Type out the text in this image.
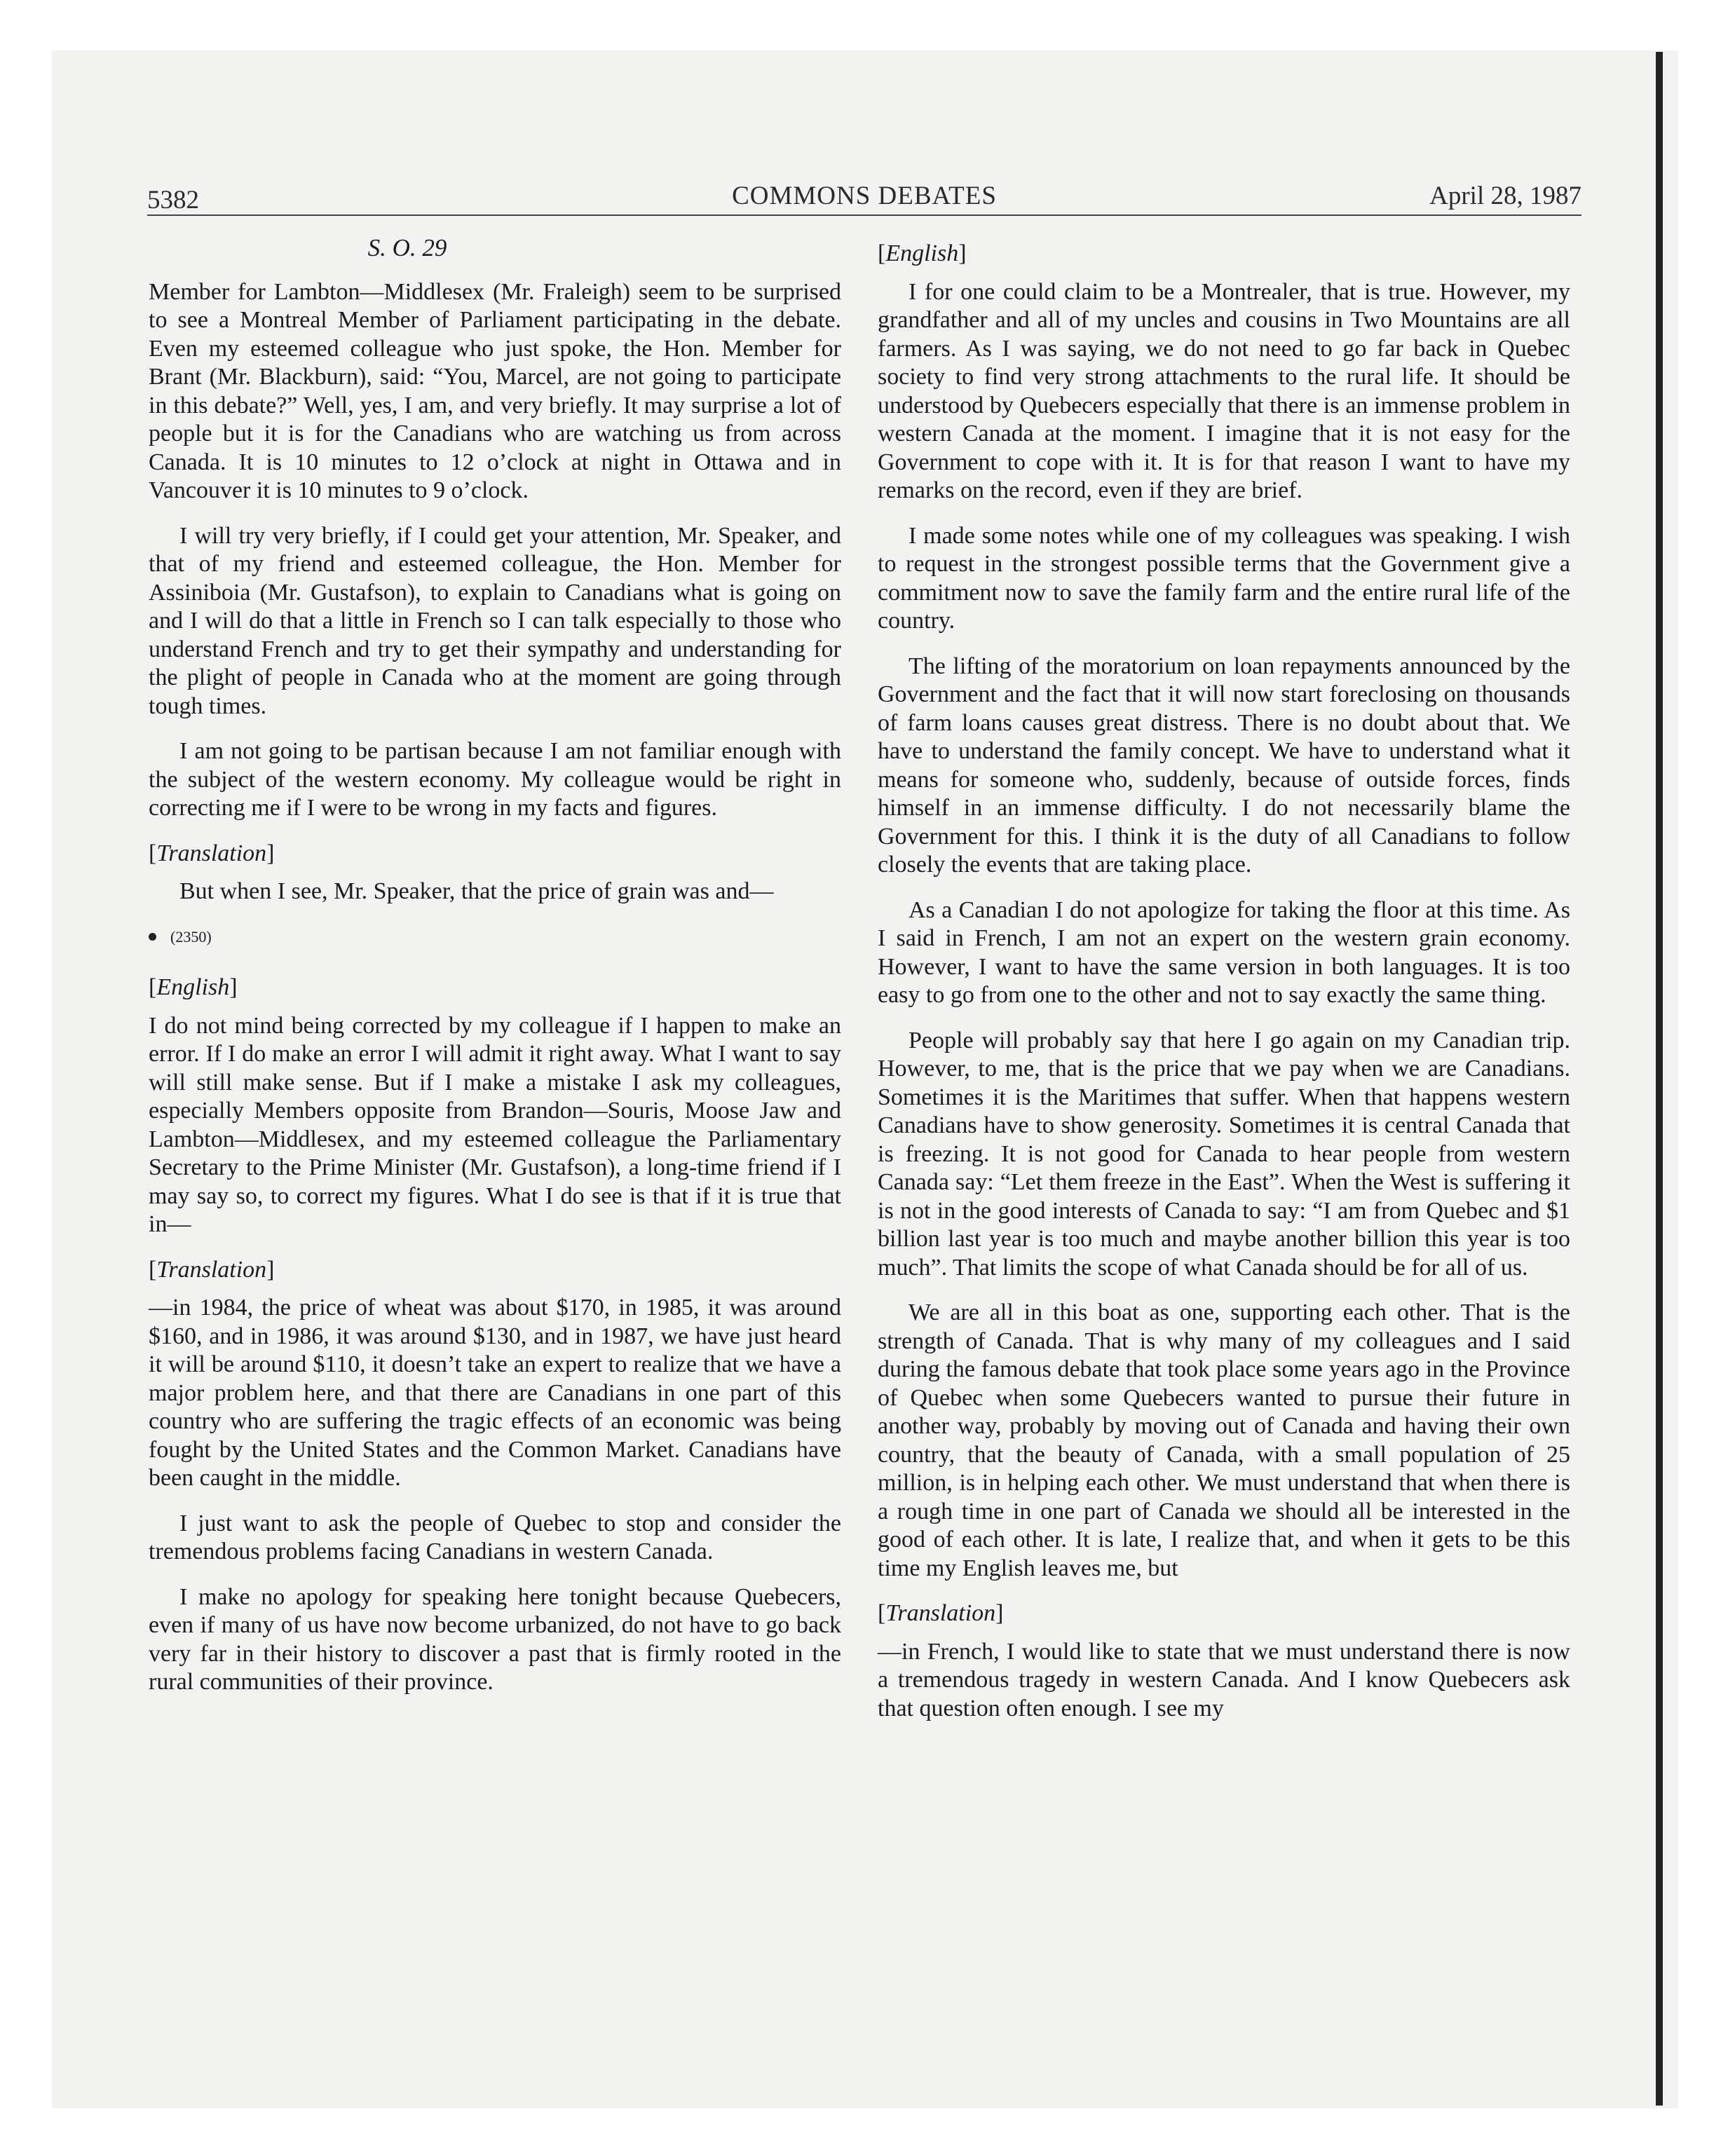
5382	COMMONS DEBATES	April 28, 1987
S. O. 29

Member for Lambton—Middlesex (Mr. Fraleigh) seem to be surprised to see a Montreal Member of Parliament participating in the debate. Even my esteemed colleague who just spoke, the Hon. Member for Brant (Mr. Blackburn), said: “You, Marcel, are not going to participate in this debate?” Well, yes, I am, and very briefly. It may surprise a lot of people but it is for the Canadians who are watching us from across Canada. It is 10 minutes to 12 o’clock at night in Ottawa and in Vancouver it is 10 minutes to 9 o’clock.

I will try very briefly, if I could get your attention, Mr. Speaker, and that of my friend and esteemed colleague, the Hon. Member for Assiniboia (Mr. Gustafson), to explain to Canadians what is going on and I will do that a little in French so I can talk especially to those who understand French and try to get their sympathy and understanding for the plight of people in Canada who at the moment are going through tough times.

I am not going to be partisan because I am not familiar enough with the subject of the western economy. My colleague would be right in correcting me if I were to be wrong in my facts and figures.

[Translation]

But when I see, Mr. Speaker, that the price of grain was and—

(2350)
[English]

I do not mind being corrected by my colleague if I happen to make an error. If I do make an error I will admit it right away. What I want to say will still make sense. But if I make a mistake I ask my colleagues, especially Members opposite from Brandon—Souris, Moose Jaw and Lambton—Middlesex, and my esteemed colleague the Parliamentary Secretary to the Prime Minister (Mr. Gustafson), a long-time friend if I may say so, to correct my figures. What I do see is that if it is true that in—

[Translation]

—in 1984, the price of wheat was about $170, in 1985, it was around $160, and in 1986, it was around $130, and in 1987, we have just heard it will be around $110, it doesn’t take an expert to realize that we have a major problem here, and that there are Canadians in one part of this country who are suffering the tragic effects of an economic was being fought by the United States and the Common Market. Canadians have been caught in the middle.

I just want to ask the people of Quebec to stop and consider the tremendous problems facing Canadians in western Canada.

I make no apology for speaking here tonight because Quebecers, even if many of us have now become urbanized, do not have to go back very far in their history to discover a past that is firmly rooted in the rural communities of their province.

[English]

I for one could claim to be a Montrealer, that is true. However, my grandfather and all of my uncles and cousins in Two Mountains are all farmers. As I was saying, we do not need to go far back in Quebec society to find very strong attachments to the rural life. It should be understood by Quebecers especially that there is an immense problem in western Canada at the moment. I imagine that it is not easy for the Government to cope with it. It is for that reason I want to have my remarks on the record, even if they are brief.

I made some notes while one of my colleagues was speaking. I wish to request in the strongest possible terms that the Government give a commitment now to save the family farm and the entire rural life of the country.

The lifting of the moratorium on loan repayments announced by the Government and the fact that it will now start foreclosing on thousands of farm loans causes great distress. There is no doubt about that. We have to understand the family concept. We have to understand what it means for someone who, suddenly, because of outside forces, finds himself in an immense difficulty. I do not necessarily blame the Government for this. I think it is the duty of all Canadians to follow closely the events that are taking place.

As a Canadian I do not apologize for taking the floor at this time. As I said in French, I am not an expert on the western grain economy. However, I want to have the same version in both languages. It is too easy to go from one to the other and not to say exactly the same thing.

People will probably say that here I go again on my Canadian trip. However, to me, that is the price that we pay when we are Canadians. Sometimes it is the Maritimes that suffer. When that happens western Canadians have to show generosity. Sometimes it is central Canada that is freezing. It is not good for Canada to hear people from western Canada say: “Let them freeze in the East”. When the West is suffering it is not in the good interests of Canada to say: “I am from Quebec and $1 billion last year is too much and maybe another billion this year is too much”. That limits the scope of what Canada should be for all of us.

We are all in this boat as one, supporting each other. That is the strength of Canada. That is why many of my colleagues and I said during the famous debate that took place some years ago in the Province of Quebec when some Quebecers wanted to pursue their future in another way, probably by moving out of Canada and having their own country, that the beauty of Canada, with a small population of 25 million, is in helping each other. We must understand that when there is a rough time in one part of Canada we should all be interested in the good of each other. It is late, I realize that, and when it gets to be this time my English leaves me, but

[Translation]

—in French, I would like to state that we must understand there is now a tremendous tragedy in western Canada. And I know Quebecers ask that question often enough. I see my
